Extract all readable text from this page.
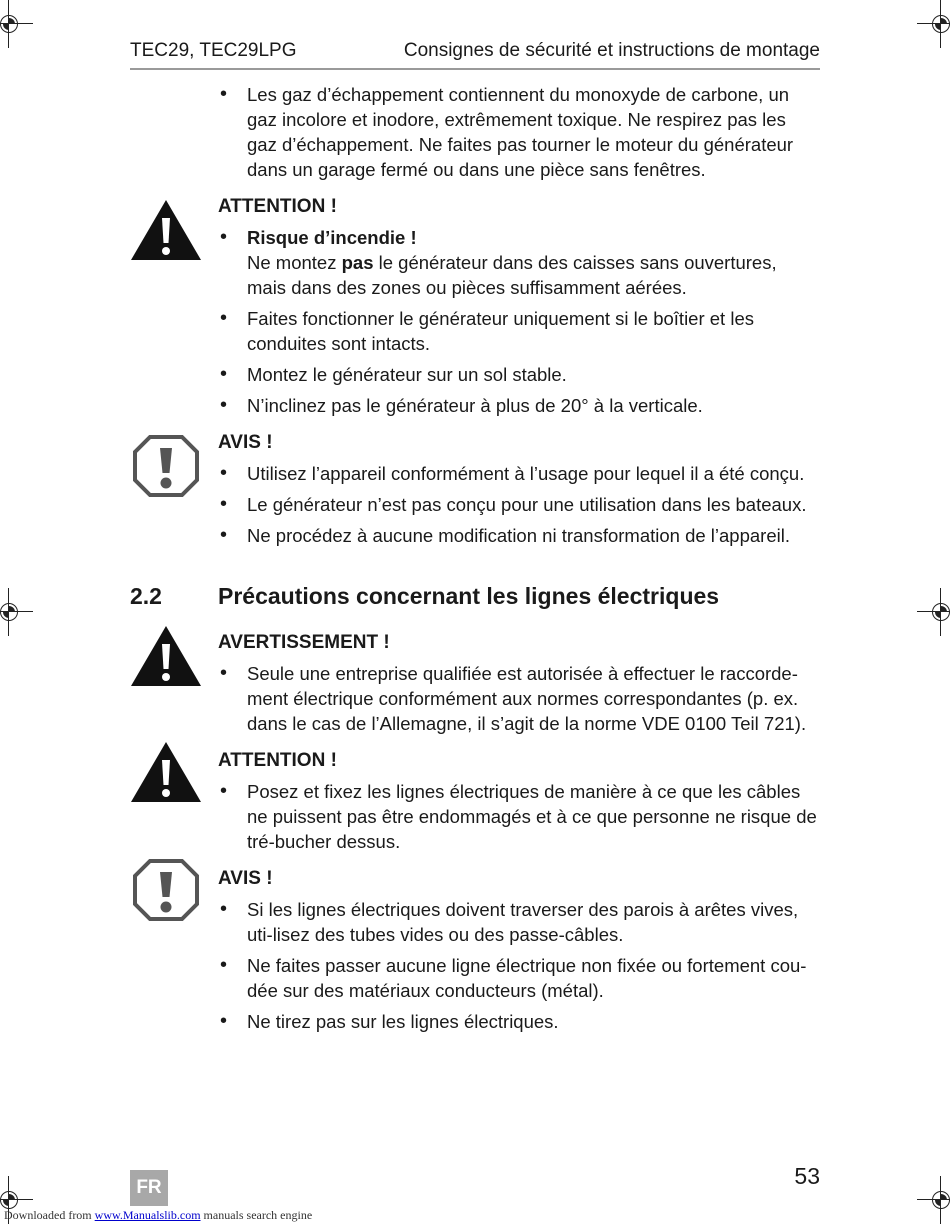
TEC29, TEC29LPG	Consignes de sécurité et instructions de montage
• Les gaz d’échappement contiennent du monoxyde de carbone, un gaz incolore et inodore, extrêmement toxique. Ne respirez pas les gaz d’échappement. Ne faites pas tourner le moteur du générateur dans un garage fermé ou dans une pièce sans fenêtres.
ATTENTION !
• Risque d’incendie !
Ne montez pas le générateur dans des caisses sans ouvertures, mais dans des zones ou pièces suffisamment aérées.
• Faites fonctionner le générateur uniquement si le boîtier et les conduites sont intacts.
• Montez le générateur sur un sol stable.
• N’inclinez pas le générateur à plus de 20° à la verticale.
AVIS !
• Utilisez l’appareil conformément à l’usage pour lequel il a été conçu.
• Le générateur n’est pas conçu pour une utilisation dans les bateaux.
• Ne procédez à aucune modification ni transformation de l’appareil.
2.2 Précautions concernant les lignes électriques
AVERTISSEMENT !
• Seule une entreprise qualifiée est autorisée à effectuer le raccorde-ment électrique conformément aux normes correspondantes (p. ex. dans le cas de l’Allemagne, il s’agit de la norme VDE 0100 Teil 721).
ATTENTION !
• Posez et fixez les lignes électriques de manière à ce que les câbles ne puissent pas être endommagés et à ce que personne ne risque de tré-bucher dessus.
AVIS !
• Si les lignes électriques doivent traverser des parois à arêtes vives, uti-lisez des tubes vides ou des passe-câbles.
• Ne faites passer aucune ligne électrique non fixée ou fortement cou-dée sur des matériaux conducteurs (métal).
• Ne tirez pas sur les lignes électriques.
53
FR
Downloaded from www.Manualslib.com manuals search engine
